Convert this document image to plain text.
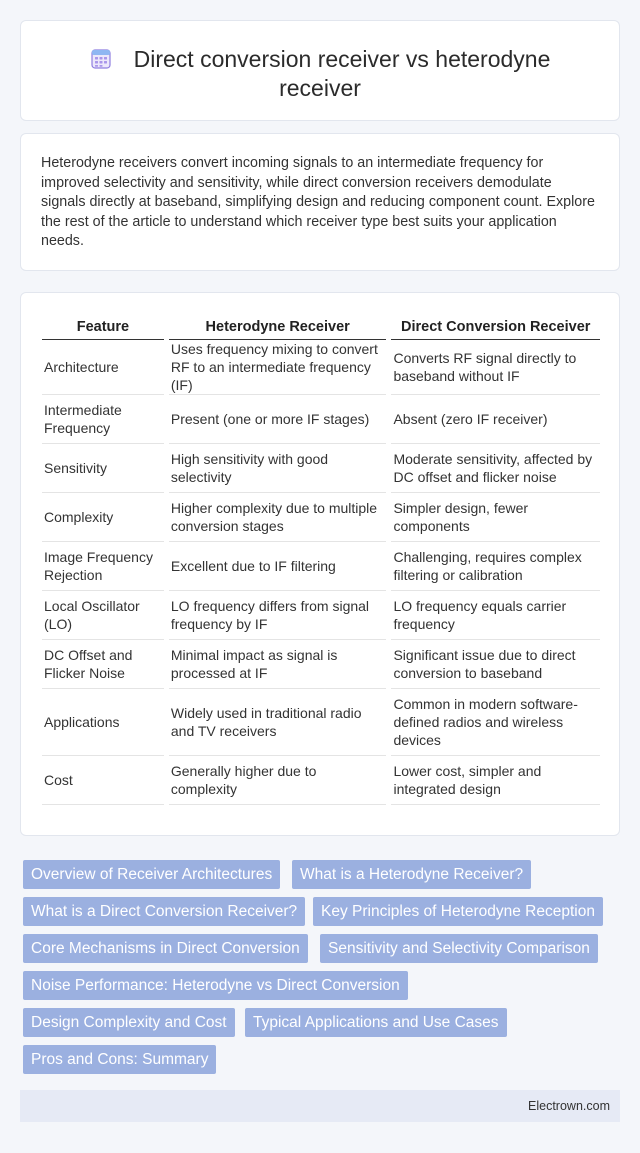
Direct conversion receiver vs heterodyne receiver

Heterodyne receivers convert incoming signals to an intermediate frequency for improved selectivity and sensitivity, while direct conversion receivers demodulate signals directly at baseband, simplifying design and reducing component count. Explore the rest of the article to understand which receiver type best suits your application needs.

Feature	Heterodyne Receiver	Direct Conversion Receiver
Architecture	Uses frequency mixing to convert RF to an intermediate frequency (IF)	Converts RF signal directly to baseband without IF
Intermediate Frequency	Present (one or more IF stages)	Absent (zero IF receiver)
Sensitivity	High sensitivity with good selectivity	Moderate sensitivity, affected by DC offset and flicker noise
Complexity	Higher complexity due to multiple conversion stages	Simpler design, fewer components
Image Frequency Rejection	Excellent due to IF filtering	Challenging, requires complex filtering or calibration
Local Oscillator (LO)	LO frequency differs from signal frequency by IF	LO frequency equals carrier frequency
DC Offset and Flicker Noise	Minimal impact as signal is processed at IF	Significant issue due to direct conversion to baseband
Applications	Widely used in traditional radio and TV receivers	Common in modern software-defined radios and wireless devices
Cost	Generally higher due to complexity	Lower cost, simpler and integrated design
Overview of Receiver Architectures	What is a Heterodyne Receiver?
What is a Direct Conversion Receiver?	Key Principles of Heterodyne Reception
Core Mechanisms in Direct Conversion	Sensitivity and Selectivity Comparison
Noise Performance: Heterodyne vs Direct Conversion
Design Complexity and Cost	Typical Applications and Use Cases
Pros and Cons: Summary
Electrown.com
